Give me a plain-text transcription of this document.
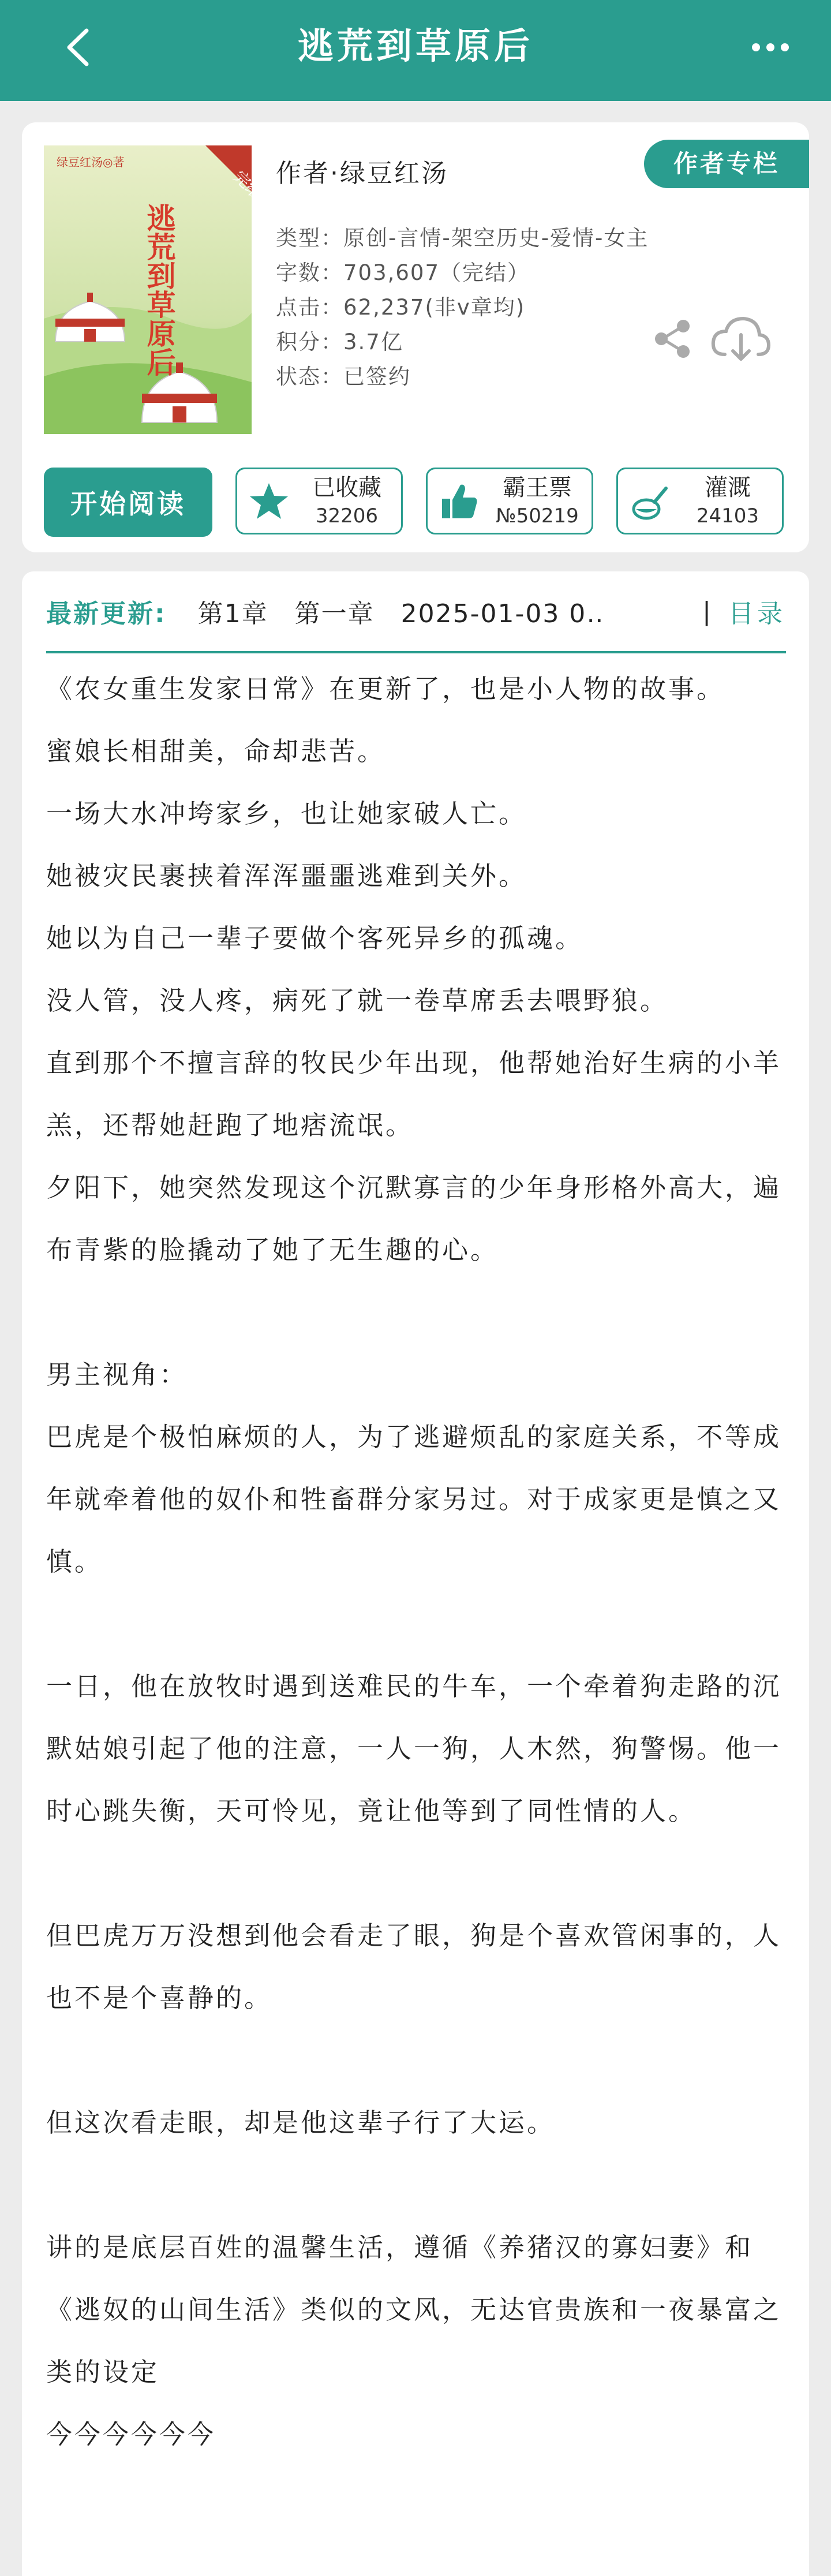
逃荒到草原后
完结
绿豆红汤◎著
逃荒到草原后
作者专栏
作者·绿豆红汤
类型：原创-言情-架空历史-爱情-女主
字数：703,607（完结）
点击：62,237(非v章均)
积分：3.7亿
状态：已签约
开始阅读
已收藏
32206
霸王票
№50219
灌溉
24103
最新更新: 第1章　第一章　2025-01-03 0‥	| 目录

《农女重生发家日常》在更新了，也是小人物的故事。

蜜娘长相甜美，命却悲苦。

一场大水冲垮家乡，也让她家破人亡。

她被灾民裹挟着浑浑噩噩逃难到关外。

她以为自己一辈子要做个客死异乡的孤魂。

没人管，没人疼，病死了就一卷草席丢去喂野狼。

直到那个不擅言辞的牧民少年出现，他帮她治好生病的小羊羔，还帮她赶跑了地痞流氓。

夕阳下，她突然发现这个沉默寡言的少年身形格外高大，遍布青紫的脸撬动了她了无生趣的心。

男主视角：

巴虎是个极怕麻烦的人，为了逃避烦乱的家庭关系，不等成年就牵着他的奴仆和牲畜群分家另过。对于成家更是慎之又慎。

一日，他在放牧时遇到送难民的牛车，一个牵着狗走路的沉默姑娘引起了他的注意，一人一狗，人木然，狗警惕。他一时心跳失衡，天可怜见，竟让他等到了同性情的人。

但巴虎万万没想到他会看走了眼，狗是个喜欢管闲事的，人也不是个喜静的。

但这次看走眼，却是他这辈子行了大运。

讲的是底层百姓的温馨生活，遵循《养猪汉的寡妇妻》和《逃奴的山间生活》类似的文风，无达官贵族和一夜暴富之类的设定

今今今今今今
